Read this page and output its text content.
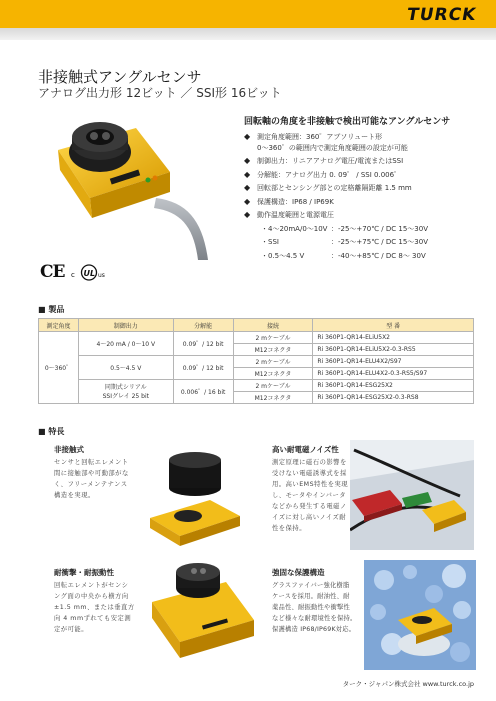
TURCK
非接触式アングルセンサ
アナログ出力形 12ビット ／ SSI形 16ビット
回転軸の角度を非接触で検出可能なアングルセンサ
◆ 測定角度範囲：360゜アブソリュート形
0〜360゜の範囲内で測定角度範囲の設定が可能
◆ 制御出力：リニアアナログ電圧/電流またはSSI
◆ 分解能：アナログ出力 0. 09゜ / SSI 0.006゜
◆ 回転部とセンシング部との定格離隔距離 1.5 mm
◆ 保護構造：IP68 / IP69K
◆ 動作温度範囲と電源電圧
・4〜20mA/0〜10V ：-25〜+70℃ / DC 15〜30V
・SSI	：-25〜+75℃ / DC 15〜30V
・0.5〜4.5 V	：-40〜+85℃ / DC 8〜 30V
CE c UL us
■ 製品
測定角度	制御出力	分解能	接続	型 番
0〜360゜	4〜20 mA / 0〜10 V	0.09゜/ 12 bit	2 mケーブル	Ri 360P1-QR14-ELiU5X2
			M12コネクタ	Ri 360P1-QR14-ELiU5X2-0.3-RS5
	0.5〜4.5 V	0.09゜/ 12 bit	2 mケーブル	Ri 360P1-QR14-ELU4X2/S97
			M12コネクタ	Ri 360P1-QR14-ELU4X2-0.3-RS5/S97
	同期式シリアル
SSIグレイ 25 bit	0.006゜/ 16 bit	2 mケーブル	Ri 360P1-QR14-ESG25X2
			M12コネクタ	Ri 360P1-QR14-ESG25X2-0.3-RS8
■ 特長
非接触式
センサと回転エレメント
間に接触部や可動部がな
く、フリーメンテナンス
構造を実現。
高い耐電磁ノイズ性
測定原理に磁石の影響を
受けない電磁誘導式を採
用。高いEMS特性を実現
し、モータやインバータ
などから発生する電磁ノ
イズに対し高いノイズ耐
性を保持。
耐衝撃・耐振動性
回転エレメントがセンシ
ング面の中央から横方向
±1.5 mm、または垂直方
向 4 mmずれても安定測
定が可能。
強固な保護構造
グラスファイバー強化樹脂
ケースを採用。耐油性、耐
薬品性、耐振動性や衝撃性
など様々な耐環境性を保持。
保護構造 IP68/IP69K対応。
ターク・ジャパン株式会社 www.turck.co.jp
